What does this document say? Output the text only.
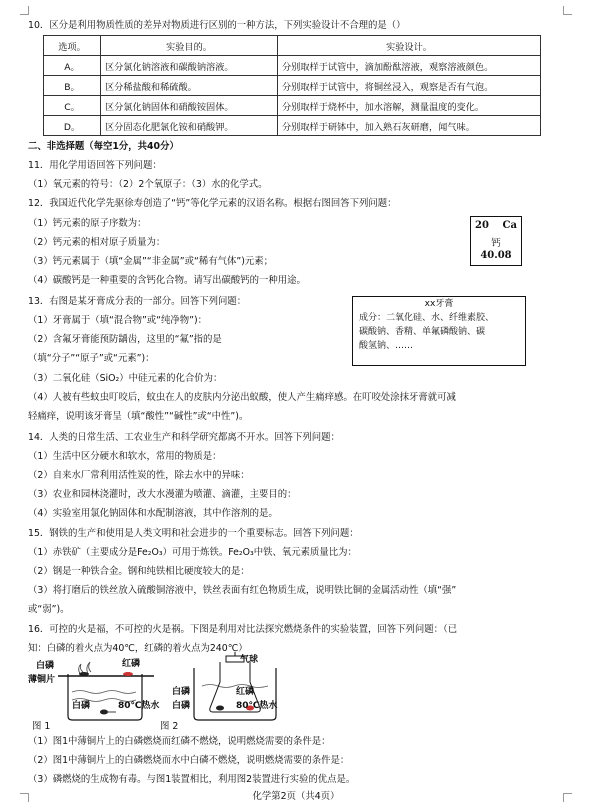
10．区分是利用物质性质的差异对物质进行区别的一种方法，下列实验设计不合理的是（）
选项。	实验目的。	实验设计。
A。	区分氯化钠溶液和碳酸钠溶液。	分别取样于试管中，滴加酚酞溶液，观察溶液颜色。
B。	区分稀盐酸和稀硫酸。	分别取样于试管中，将铜丝浸入，观察是否有气泡。
C。	区分氯化钠固体和硝酸铵固体。	分别取样于烧杯中，加水溶解，测量温度的变化。
D。	区分固态化肥氯化铵和硝酸钾。	分别取样于研钵中，加入熟石灰研磨，闻气味。
二、非选择题（每空1分，共40分）
11．用化学用语回答下列问题：
（1）氧元素的符号：（2）2个氧原子：（3）水的化学式。
12．我国近代化学先驱徐寿创造了“钙”等化学元素的汉语名称。根据右图回答下列问题：
（1）钙元素的原子序数为：
（2）钙元素的相对原子质量为：
（3）钙元素属于（填“金属”“非金属”或“稀有气体”)元素；
（4）碳酸钙是一种重要的含钙化合物。请写出碳酸钙的一种用途。
20 Ca
钙
40.08
13．右图是某牙膏成分表的一部分。回答下列问题：
（1）牙膏属于（填“混合物”或“纯净物”)：
（2）含氟牙膏能预防龋齿，这里的“氟”指的是
（填“分子”“原子”或“元素”)：
（3）二氧化硅（SiO₂）中硅元素的化合价为：
（4）人被有些蚊虫叮咬后，蚊虫在人的皮肤内分泌出蚁酸，使人产生痛痒感。在叮咬处涂抹牙膏就可减
轻痛痒，说明该牙膏呈（填“酸性”“碱性”或“中性”)。
xx牙膏
成分：二氧化硅、水、纤维素胶、
碳酸钠、香精、单氟磷酸钠、碳
酸氢钠、……
14．人类的日常生活、工农业生产和科学研究都离不开水。回答下列问题：
（1）生活中区分硬水和软水，常用的物质是：
（2）自来水厂常利用活性炭的性，除去水中的异味：
（3）农业和园林浇灌时，改大水漫灌为喷灌、滴灌，主要目的：
（4）实验室用氯化钠固体和水配制溶液，其中作溶剂的是。
15．钢铁的生产和使用是人类文明和社会进步的一个重要标志。回答下列问题：
（1）赤铁矿（主要成分是Fe₂O₃）可用于炼铁。Fe₂O₃中铁、氧元素质量比为：
（2）钢是一种铁合金。钢和纯铁相比硬度较大的是：
（3）将打磨后的铁丝放入硫酸铜溶液中，铁丝表面有红色物质生成，说明铁比铜的金属活动性（填“强”
或“弱”)。
16．可控的火是福，不可控的火是祸。下图是利用对比法探究燃烧条件的实验装置，回答下列问题：（已
知：白磷的着火点为40℃，红磷的着火点为240℃）
白磷	红磷
薄铜片
白磷	80℃热水
图 1
气球
白磷	红磷
白磷	80℃热水
图 2
（1）图1中薄铜片上的白磷燃烧而红磷不燃烧，说明燃烧需要的条件是：
（2）图1中薄铜片上的白磷燃烧而水中白磷不燃烧，说明燃烧需要的条件是：
（3）磷燃烧的生成物有毒。与图1装置相比，利用图2装置进行实验的优点是。
化学第2页（共4页）
